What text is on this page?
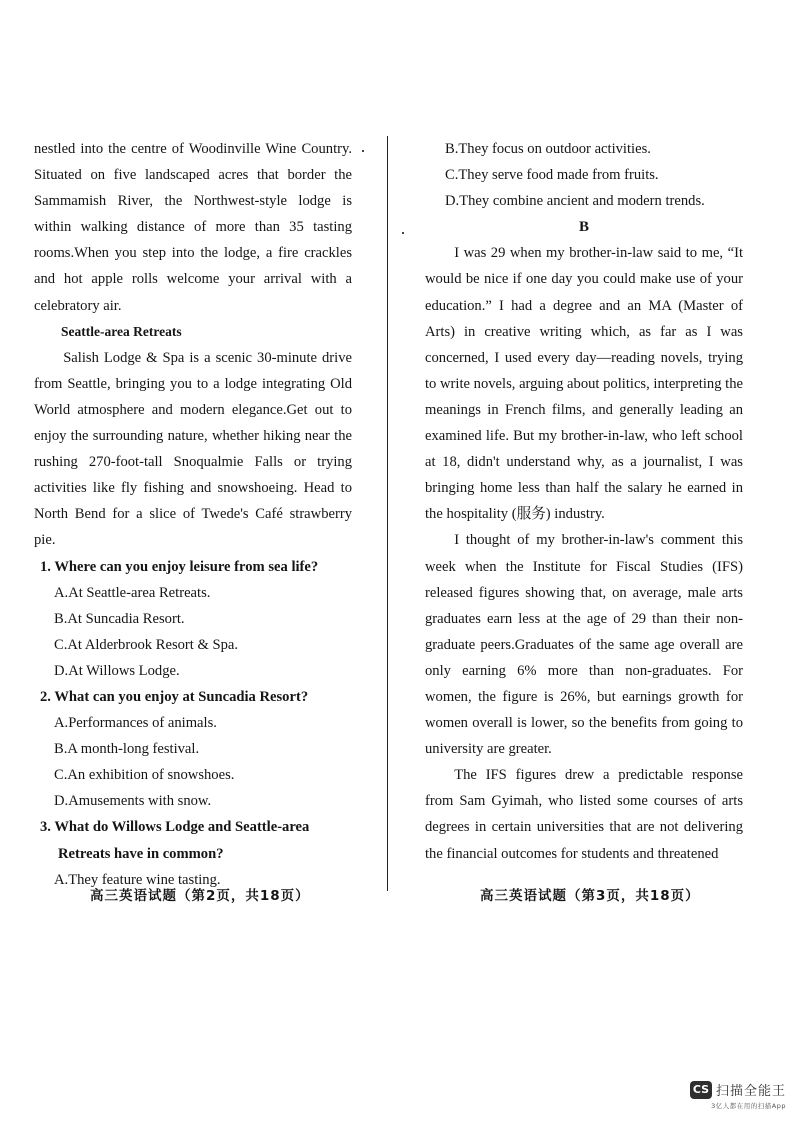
nestled into the centre of Woodinville Wine Country. Situated on five landscaped acres that border the Sammamish River, the Northwest-style lodge is within walking distance of more than 35 tasting rooms.When you step into the lodge, a fire crackles and hot apple rolls welcome your arrival with a celebratory air.

Seattle-area Retreats

Salish Lodge & Spa is a scenic 30-minute drive from Seattle, bringing you to a lodge integrating Old World atmosphere and modern elegance.Get out to enjoy the surrounding nature, whether hiking near the rushing 270-foot-tall Snoqualmie Falls or trying activities like fly fishing and snowshoeing. Head to North Bend for a slice of Twede's Café strawberry pie.

1. Where can you enjoy leisure from sea life?

A.At Seattle-area Retreats.

B.At Suncadia Resort.

C.At Alderbrook Resort & Spa.

D.At Willows Lodge.

2. What can you enjoy at Suncadia Resort?

A.Performances of animals.

B.A month-long festival.

C.An exhibition of snowshoes.

D.Amusements with snow.

3. What do Willows Lodge and Seattle-area Retreats have in common?

A.They feature wine tasting.

B.They focus on outdoor activities.

C.They serve food made from fruits.

D.They combine ancient and modern trends.

B

I was 29 when my brother-in-law said to me, “It would be nice if one day you could make use of your education.” I had a degree and an MA (Master of Arts) in creative writing which, as far as I was concerned, I used every day—reading novels, trying to write novels, arguing about politics, interpreting the meanings in French films, and generally leading an examined life. But my brother-in-law, who left school at 18, didn't understand why, as a journalist, I was bringing home less than half the salary he earned in the hospitality (服务) industry.

I thought of my brother-in-law's comment this week when the Institute for Fiscal Studies (IFS) released figures showing that, on average, male arts graduates earn less at the age of 29 than their non-graduate peers.Graduates of the same age overall are only earning 6% more than non-graduates. For women, the figure is 26%, but earnings growth for women overall is lower, so the benefits from going to university are greater.

The IFS figures drew a predictable response from Sam Gyimah, who listed some courses of arts degrees in certain universities that are not delivering the financial outcomes for students and threatened

高三英语试题（第2页，共18页）	高三英语试题（第3页，共18页）
CS 扫描全能王
3亿人都在用的扫描App
